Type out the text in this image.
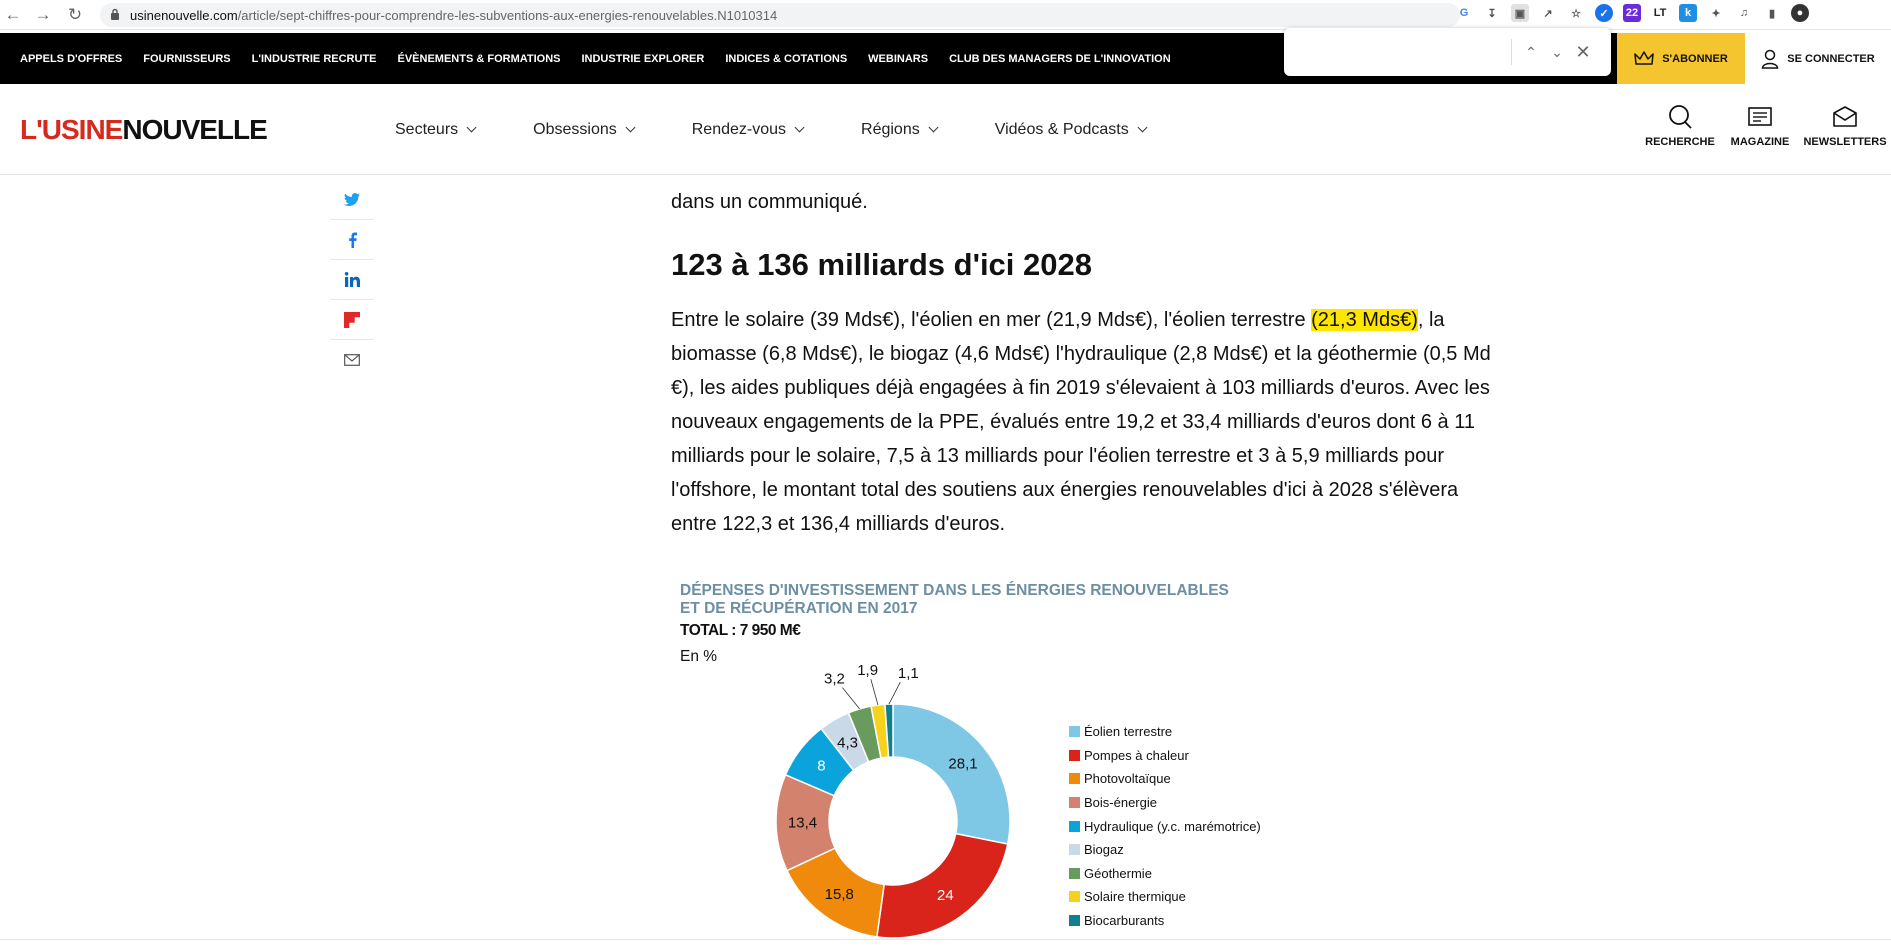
← → ↻	usinenouvelle.com /article/sept-chiffres-pour-comprendre-les-subventions-aux-energies-renouvelables.N1010314	G	↧	▣	↗	☆	✓	22 LT	k	✦	♫	▮	●
APPELS D'OFFRES FOURNISSEURS L'INDUSTRIE RECRUTE ÉVÈNEMENTS & FORMATIONS INDUSTRIE EXPLORER INDICES & COTATIONS WEBINARS CLUB DES MANAGERS DE L'INNOVATION	S'ABONNER	SE CONNECTER
⌃	⌄ ✕
L'USINENOUVELLE	Secteurs	Obsessions	Rendez-vous	Régions	Vidéos & Podcasts
RECHERCHE MAGAZINE NEWSLETTERS

dans un communiqué.

123 à 136 milliards d'ici 2028

Entre le solaire (39 Mds€), l'éolien en mer (21,9 Mds€), l'éolien terrestre (21,3 Mds€), la biomasse (6,8 Mds€), le biogaz (4,6 Mds€) l'hydraulique (2,8 Mds€) et la géothermie (0,5 Md €), les aides publiques déjà engagées à fin 2019 s'élevaient à 103 milliards d'euros. Avec les nouveaux engagements de la PPE, évalués entre 19,2 et 33,4 milliards d'euros dont 6 à 11 milliards pour le solaire, 7,5 à 13 milliards pour l'éolien terrestre et 3 à 5,9 milliards pour l'offshore, le montant total des soutiens aux énergies renouvelables d'ici à 2028 s'élèvera entre 122,3 et 136,4 milliards d'euros.

DÉPENSES D'INVESTISSEMENT DANS LES ÉNERGIES RENOUVELABLES
ET DE RÉCUPÉRATION EN 2017
TOTAL : 7 950 M€
En %
28,1
24
15,8
13,4
8
4,3
3,2 1,9 1,1
Éolien terrestre
Pompes à chaleur
Photovoltaïque
Bois-énergie
Hydraulique (y.c. marémotrice)
Biogaz
Géothermie
Solaire thermique
Biocarburants
